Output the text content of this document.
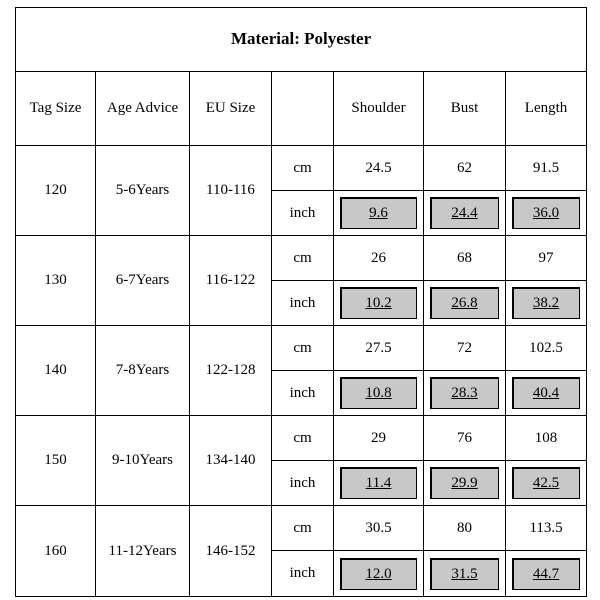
Material: Polyester						
Tag Size	Age Advice	EU Size		Shoulder	Bust	Length
120	5-6Years	110-116	cm	24.5	62	91.5
			inch	9.6	24.4	36.0

130	6-7Years	116-122	cm	26	68	97
			inch	10.2	26.8	38.2

140	7-8Years	122-128	cm	27.5	72	102.5
			inch	10.8	28.3	40.4

150	9-10Years	134-140	cm	29	76	108
			inch	11.4	29.9	42.5

160	11-12Years	146-152	cm	30.5	80	113.5
			inch	12.0	31.5	44.7
